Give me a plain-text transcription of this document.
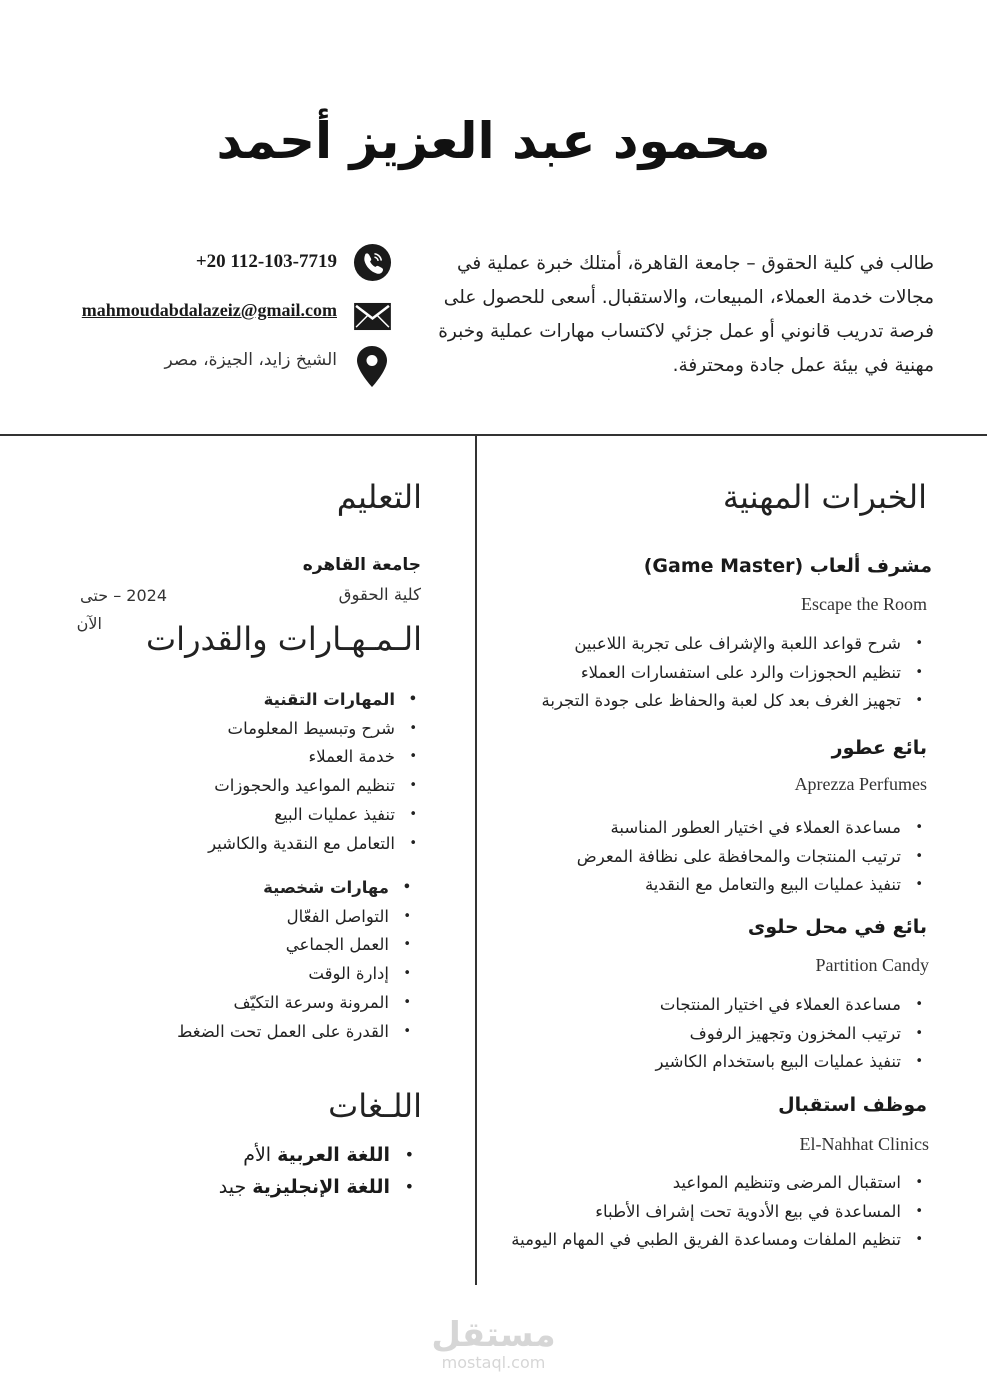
محمود عبد العزيز أحمد
طالب في كلية الحقوق – جامعة القاهرة، أمتلك خبرة عملية في مجالات خدمة العملاء، المبيعات، والاستقبال. أسعى للحصول على فرصة تدريب قانوني أو عمل جزئي لاكتساب مهارات عملية وخبرة مهنية في بيئة عمل جادة ومحترفة.
+20 112-103-7719
mahmoudabdalazeiz@gmail.com
الشيخ زايد، الجيزة، مصر
الخبرات المهنية
مشرف ألعاب (Game Master)
Escape the Room
• شرح قواعد اللعبة والإشراف على تجربة اللاعبين
• تنظيم الحجوزات والرد على استفسارات العملاء
• تجهيز الغرف بعد كل لعبة والحفاظ على جودة التجربة
بائع عطور
Aprezza Perfumes
• مساعدة العملاء في اختيار العطور المناسبة
• ترتيب المنتجات والمحافظة على نظافة المعرض
• تنفيذ عمليات البيع والتعامل مع النقدية
بائع في محل حلوى
Partition Candy
• مساعدة العملاء في اختيار المنتجات
• ترتيب المخزون وتجهيز الرفوف
• تنفيذ عمليات البيع باستخدام الكاشير
موظف استقبال
El-Nahhat Clinics
• استقبال المرضى وتنظيم المواعيد
• المساعدة في بيع الأدوية تحت إشراف الأطباء
• تنظيم الملفات ومساعدة الفريق الطبي في المهام اليومية
التعليم
جامعة القاهره
كلية الحقوق
2024 – حتى
الآن	الـمـهـارات والقدرات
• المهارات التقنية
• شرح وتبسيط المعلومات
• خدمة العملاء
• تنظيم المواعيد والحجوزات
• تنفيذ عمليات البيع
• التعامل مع النقدية والكاشير
• مهارات شخصية
• التواصل الفعّال
• العمل الجماعي
• إدارة الوقت
• المرونة وسرعة التكيّف
• القدرة على العمل تحت الضغط
اللـغات
• اللغة العربية الأم
• اللغة الإنجليزية جيد
مستقل
mostaql.com
